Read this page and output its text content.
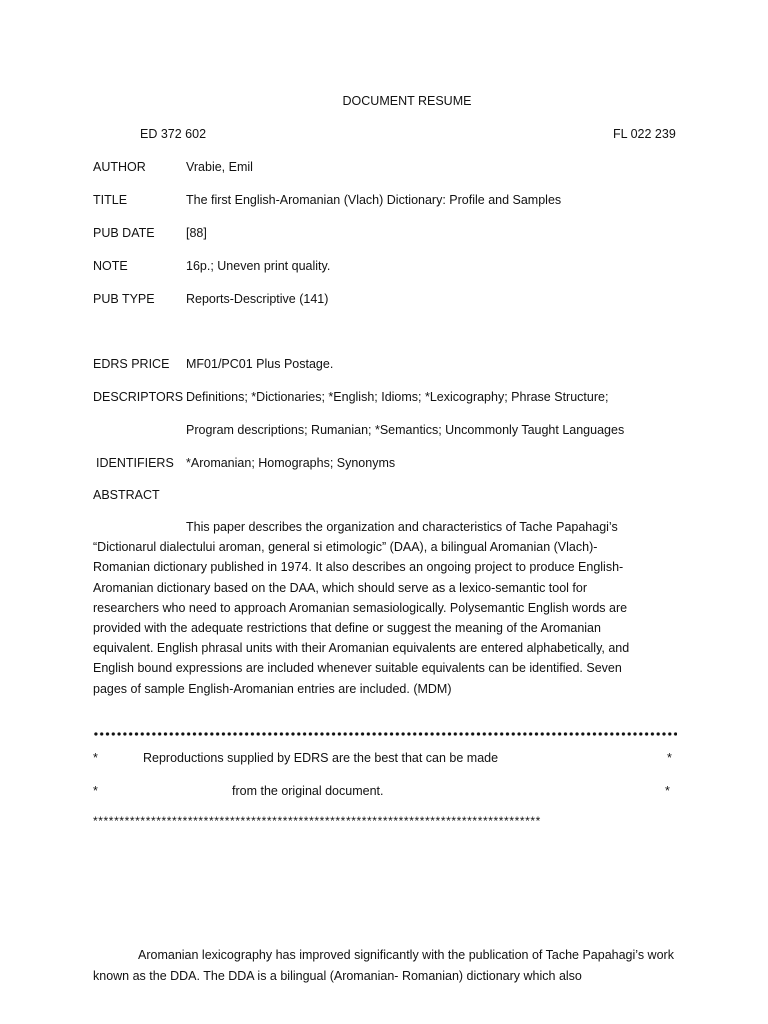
DOCUMENT RESUME
ED 372 602	FL 022 239
AUTHOR	Vrabie, Emil
TITLE	The first English-Aromanian (Vlach) Dictionary: Profile and Samples
PUB DATE	[88]
NOTE	16p.; Uneven print quality.
PUB TYPE	Reports-Descriptive (141)
EDRS PRICE MF01/PC01 Plus Postage.
DESCRIPTORS Definitions; *Dictionaries; *English; Idioms; *Lexicography; Phrase Structure;
Program descriptions; Rumanian; *Semantics; Uncommonly Taught Languages
IDENTIFIERS *Aromanian; Homographs; Synonyms
ABSTRACT

This paper describes the organization and characteristics of Tache Papahagi’s “Dictionarul dialectului aroman, general si etimologic” (DAA), a bilingual Aromanian (Vlach)-Romanian dictionary published in 1974. It also describes an ongoing project to produce English-Aromanian dictionary based on the DAA, which should serve as a lexico-semantic tool for researchers who need to approach Aromanian semasiologically. Polysemantic English words are provided with the adequate restrictions that define or suggest the meaning of the Aromanian equivalent. English phrasal units with their Aromanian equivalents are entered alphabetically, and English bound expressions are included whenever suitable equivalents can be identified. Seven pages of sample English-Aromanian entries are included. (MDM)

*	Reproductions supplied by EDRS are the best that can be made	*
*	from the original document.	*
*************************************************************************************

Aromanian lexicography has improved significantly with the publication of Tache Papahagi’s work known as the DDA. The DDA is a bilingual (Aromanian- Romanian) dictionary which also
